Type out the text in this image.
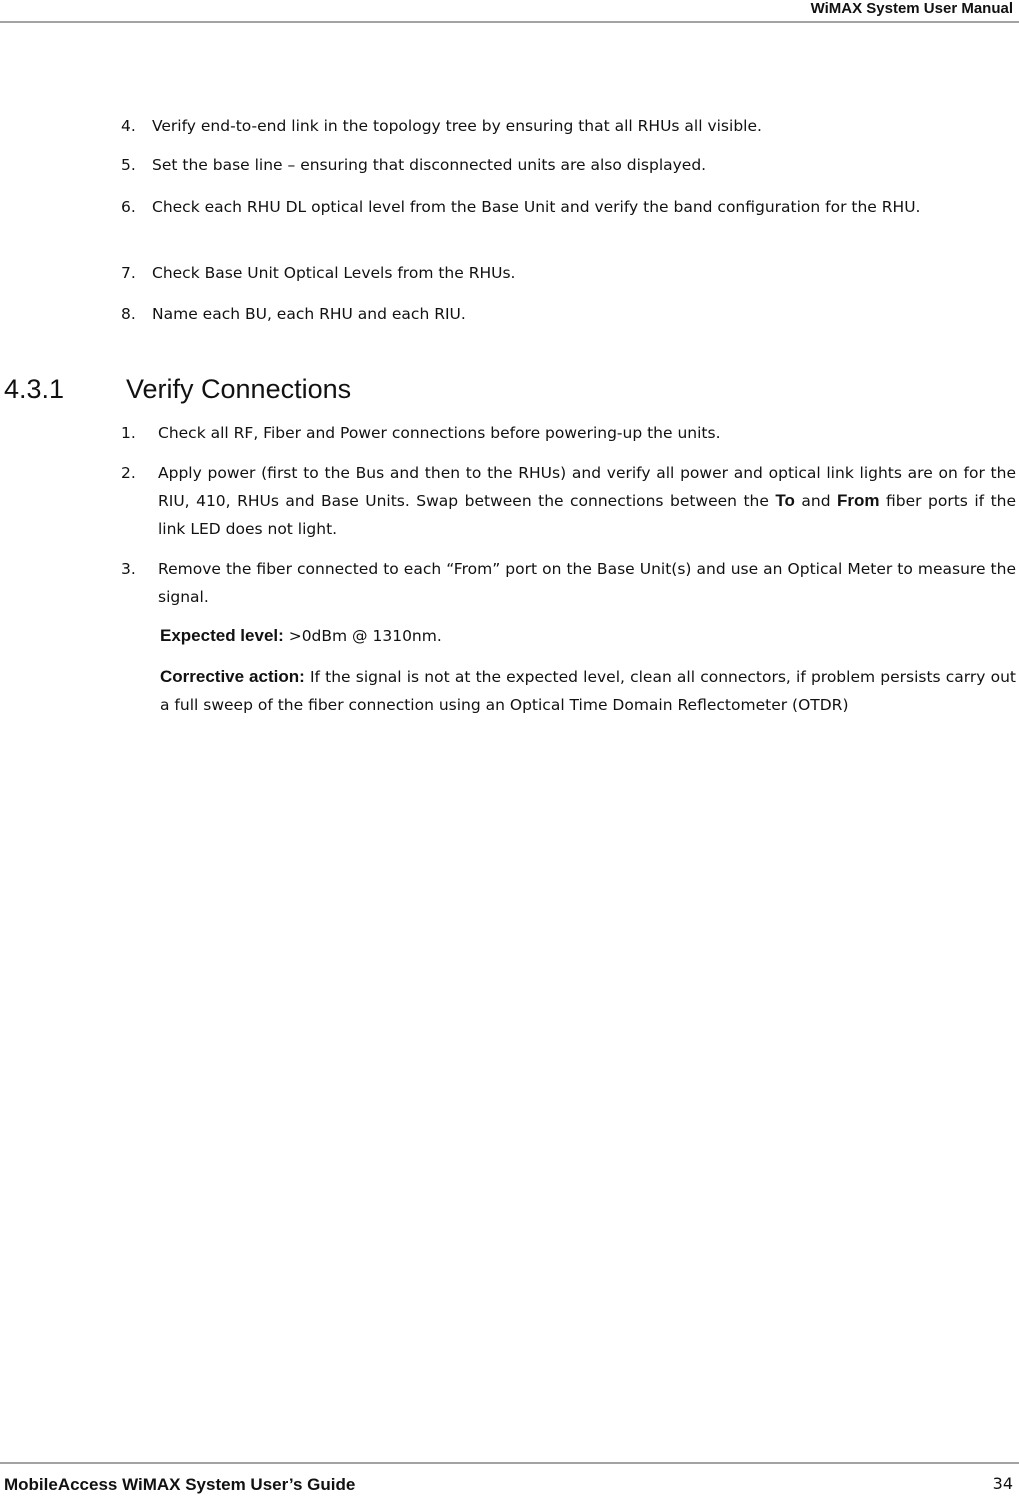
WiMAX System User Manual
4. Verify end-to-end link in the topology tree by ensuring that all RHUs all visible.

5. Set the base line – ensuring that disconnected units are also displayed.

6. Check each RHU DL optical level from the Base Unit and verify the band configuration for the RHU.

7. Check Base Unit Optical Levels from the RHUs.

8. Name each BU, each RHU and each RIU.

4.3.1 Verify Connections
1. Check all RF, Fiber and Power connections before powering-up the units.

2. Apply power (first to the Bus and then to the RHUs) and verify all power and optical link lights are on for the RIU, 410, RHUs and Base Units. Swap between the connections between the To and From fiber ports if the link LED does not light.

3. Remove the fiber connected to each “From” port on the Base Unit(s) and use an Optical Meter to measure the signal.

Expected level: >0dBm @ 1310nm.
Corrective action: If the signal is not at the expected level, clean all connectors, if problem persists carry out a full sweep of the fiber connection using an Optical Time Domain Reflectometer (OTDR)
MobileAccess WiMAX System User’s Guide	34
